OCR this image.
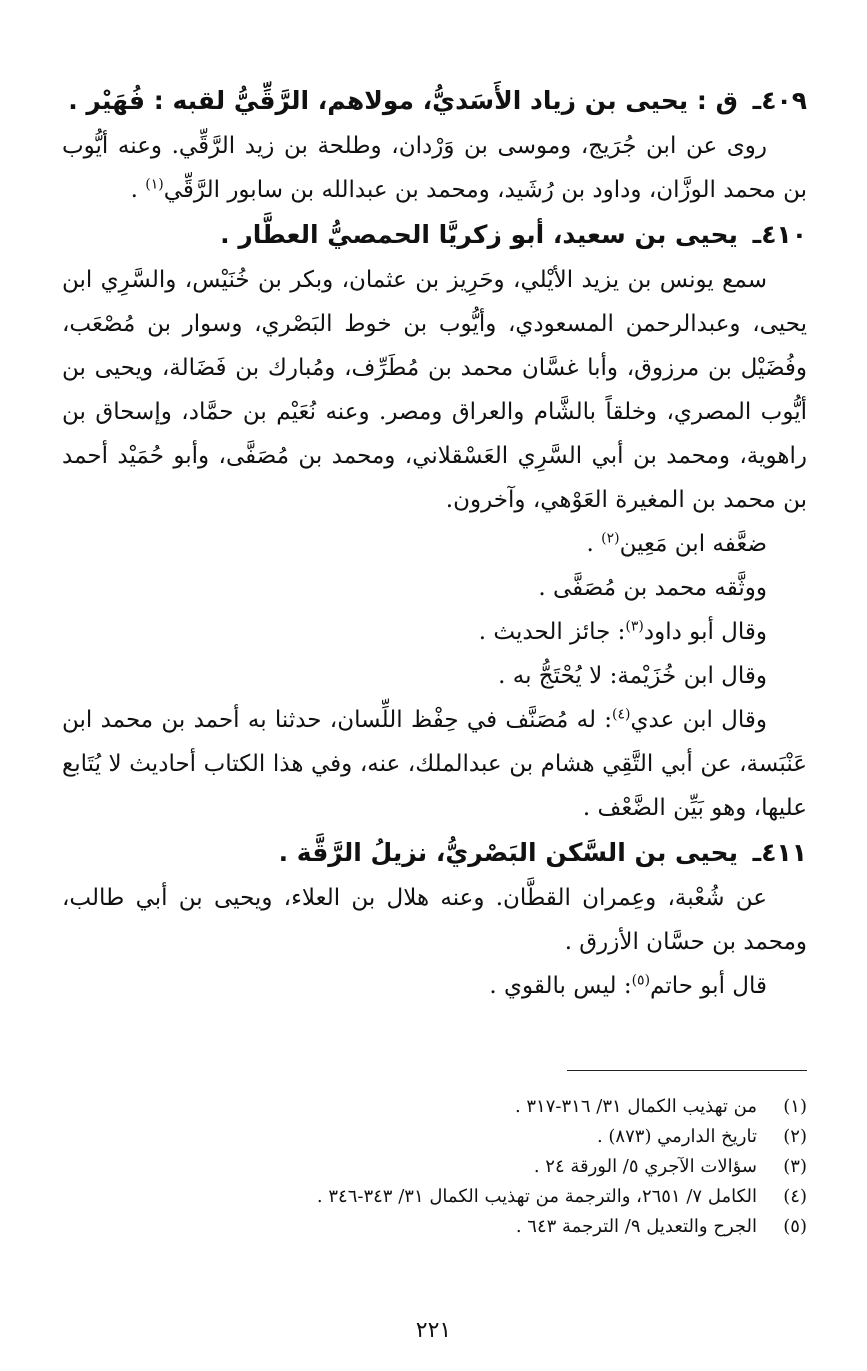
٤٠٩ـ ق : يحيى بن زياد الأَسَديُّ، مولاهم، الرَّقِّيُّ لقبه : فُهَيْر .

روى عن ابن جُرَيج، وموسى بن وَرْدان، وطلحة بن زيد الرَّقِّي. وعنه أيُّوب بن محمد الوزَّان، وداود بن رُشَيد، ومحمد بن عبدالله بن سابور الرَّقِّي$^{(١)}$ .

٤١٠ـ يحيى بن سعيد، أبو زكريَّا الحمصيُّ العطَّار .

سمع يونس بن يزيد الأيْلي، وحَرِيز بن عثمان، وبكر بن خُنَيْس، والسَّرِي ابن يحيى، وعبدالرحمن المسعودي، وأيُّوب بن خوط البَصْري، وسوار بن مُصْعَب، وفُضَيْل بن مرزوق، وأبا غسَّان محمد بن مُطَرِّف، ومُبارك بن فَضَالة، ويحيى بن أيُّوب المصري، وخلقاً بالشَّام والعراق ومصر. وعنه نُعَيْم بن حمَّاد، وإسحاق بن راهوية، ومحمد بن أبي السَّرِي العَسْقلاني، ومحمد بن مُصَفَّى، وأبو حُمَيْد أحمد بن محمد بن المغيرة العَوْهي، وآخرون.

ضعَّفه ابن مَعِين$^{(٢)}$ .

ووثَّقه محمد بن مُصَفَّى .

وقال أبو داود$^{(٣)}$: جائز الحديث .

وقال ابن خُزَيْمة: لا يُحْتَجُّ به .

وقال ابن عدي$^{(٤)}$: له مُصَنَّف في حِفْظ اللِّسان، حدثنا به أحمد بن محمد ابن عَنْبَسة، عن أبي التَّقِي هشام بن عبدالملك، عنه، وفي هذا الكتاب أحاديث لا يُتَابع عليها، وهو بَيِّن الضَّعْف .

٤١١ـ يحيى بن السَّكن البَصْريُّ، نزيلُ الرَّقَّة .

عن شُعْبة، وعِمران القطَّان. وعنه هلال بن العلاء، ويحيى بن أبي طالب، ومحمد بن حسَّان الأزرق .

قال أبو حاتم$^{(٥)}$: ليس بالقوي .

(١)
من تهذيب الكمال ٣١/ ٣١٦-٣١٧ .
(٢)
تاريخ الدارمي (٨٧٣) .
(٣)
سؤالات الآجري ٥/ الورقة ٢٤ .
(٤)
الكامل ٧/ ٢٦٥١، والترجمة من تهذيب الكمال ٣١/ ٣٤٣-٣٤٦ .
(٥)
الجرح والتعديل ٩/ الترجمة ٦٤٣ .
٢٢١
